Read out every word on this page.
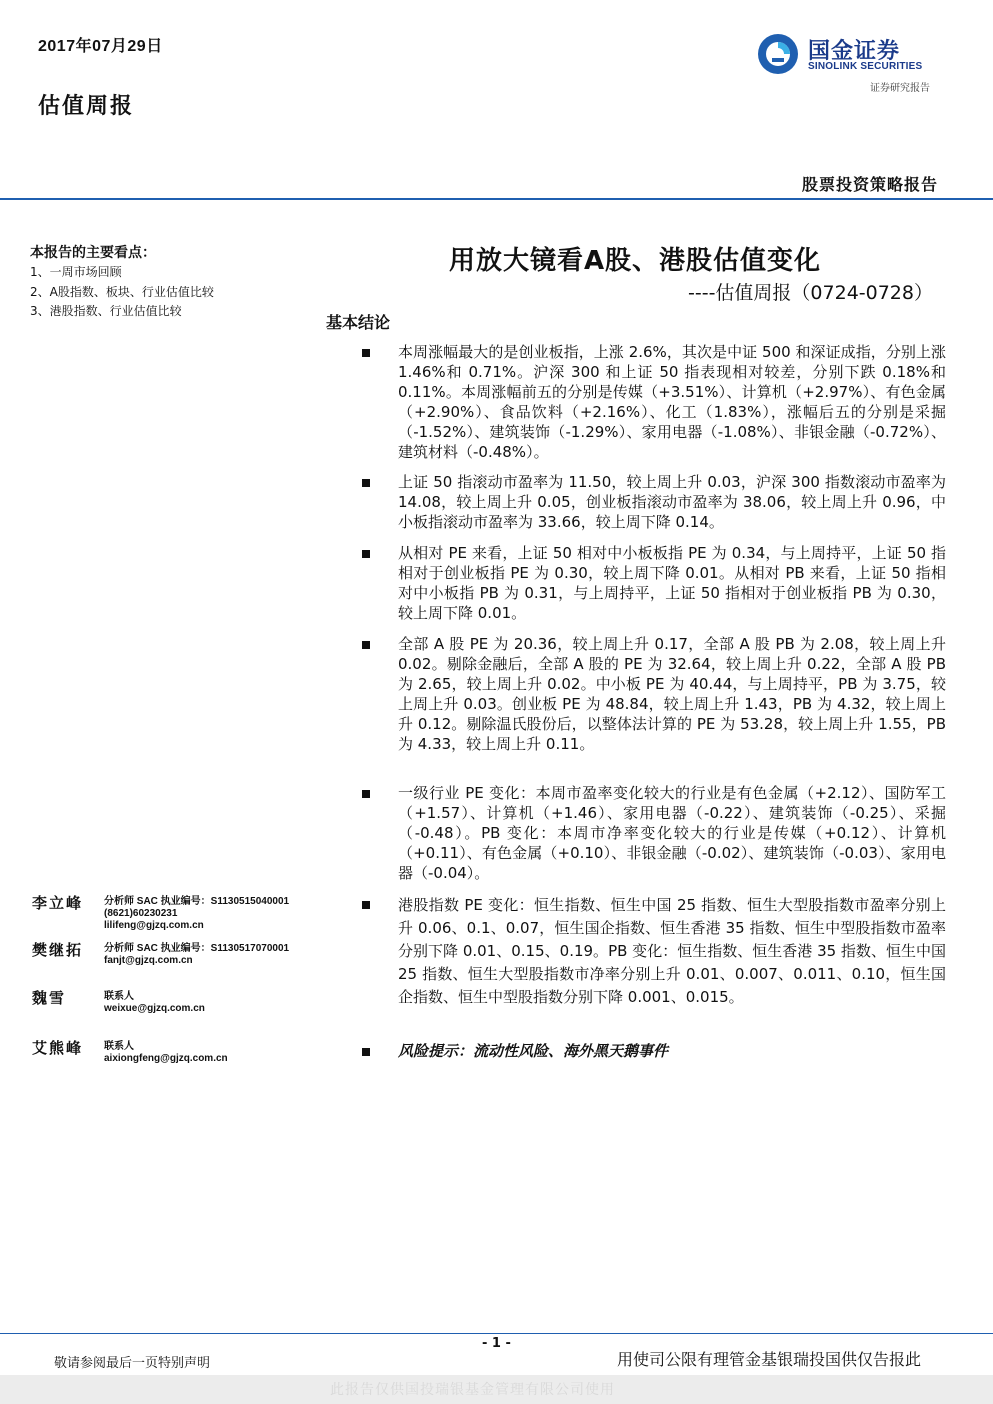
2017年07月29日
估值周报
国金证券
SINOLINK SECURITIES
证券研究报告
股票投资策略报告
本报告的主要看点：
1、一周市场回顾
2、A股指数、板块、行业估值比较
3、港股指数、行业估值比较
用放大镜看A股、港股估值变化
----估值周报（0724-0728）
基本结论
本周涨幅最大的是创业板指，上涨 2.6%，其次是中证 500 和深证成指，分别上涨 1.46%和 0.71%。沪深 300 和上证 50 指表现相对较差，分别下跌 0.18%和 0.11%。本周涨幅前五的分别是传媒（+3.51%）、计算机（+2.97%）、有色金属（+2.90%）、食品饮料（+2.16%）、化工（1.83%），涨幅后五的分别是采掘（-1.52%）、建筑装饰（-1.29%）、家用电器（-1.08%）、非银金融（-0.72%）、建筑材料（-0.48%）。
上证 50 指滚动市盈率为 11.50，较上周上升 0.03，沪深 300 指数滚动市盈率为 14.08，较上周上升 0.05，创业板指滚动市盈率为 38.06，较上周上升 0.96，中小板指滚动市盈率为 33.66，较上周下降 0.14。
从相对 PE 来看，上证 50 相对中小板板指 PE 为 0.34，与上周持平，上证 50 指相对于创业板指 PE 为 0.30，较上周下降 0.01。从相对 PB 来看，上证 50 指相对中小板指 PB 为 0.31，与上周持平，上证 50 指相对于创业板指 PB 为 0.30，较上周下降 0.01。
全部 A 股 PE 为 20.36，较上周上升 0.17，全部 A 股 PB 为 2.08，较上周上升 0.02。剔除金融后，全部 A 股的 PE 为 32.64，较上周上升 0.22，全部 A 股 PB 为 2.65，较上周上升 0.02。中小板 PE 为 40.44，与上周持平，PB 为 3.75，较上周上升 0.03。创业板 PE 为 48.84，较上周上升 1.43，PB 为 4.32，较上周上升 0.12。剔除温氏股份后，以整体法计算的 PE 为 53.28，较上周上升 1.55，PB 为 4.33，较上周上升 0.11。
一级行业 PE 变化：本周市盈率变化较大的行业是有色金属（+2.12）、国防军工（+1.57）、计算机（+1.46）、家用电器（-0.22）、建筑装饰（-0.25）、采掘（-0.48）。PB 变化：本周市净率变化较大的行业是传媒（+0.12）、计算机（+0.11）、有色金属（+0.10）、非银金融（-0.02）、建筑装饰（-0.03）、家用电器（-0.04）。
港股指数 PE 变化：恒生指数、恒生中国 25 指数、恒生大型股指数市盈率分别上升 0.06、0.1、0.07，恒生国企指数、恒生香港 35 指数、恒生中型股指数市盈率分别下降 0.01、0.15、0.19。PB 变化：恒生指数、恒生香港 35 指数、恒生中国 25 指数、恒生大型股指数市净率分别上升 0.01、0.007、0.011、0.10，恒生国企指数、恒生中型股指数分别下降 0.001、0.015。
风险提示：流动性风险、海外黑天鹅事件
李立峰	分析师 SAC 执业编号：S1130515040001
(8621)60230231
lilifeng@gjzq.com.cn
樊继拓	分析师 SAC 执业编号：S1130517070001
fanjt@gjzq.com.cn
魏雪	联系人
weixue@gjzq.com.cn
艾熊峰	联系人
aixiongfeng@gjzq.com.cn
- 1 -
敬请参阅最后一页特别声明	用使司公限有理管金基银瑞投国供仅告报此
此报告仅供国投瑞银基金管理有限公司使用
